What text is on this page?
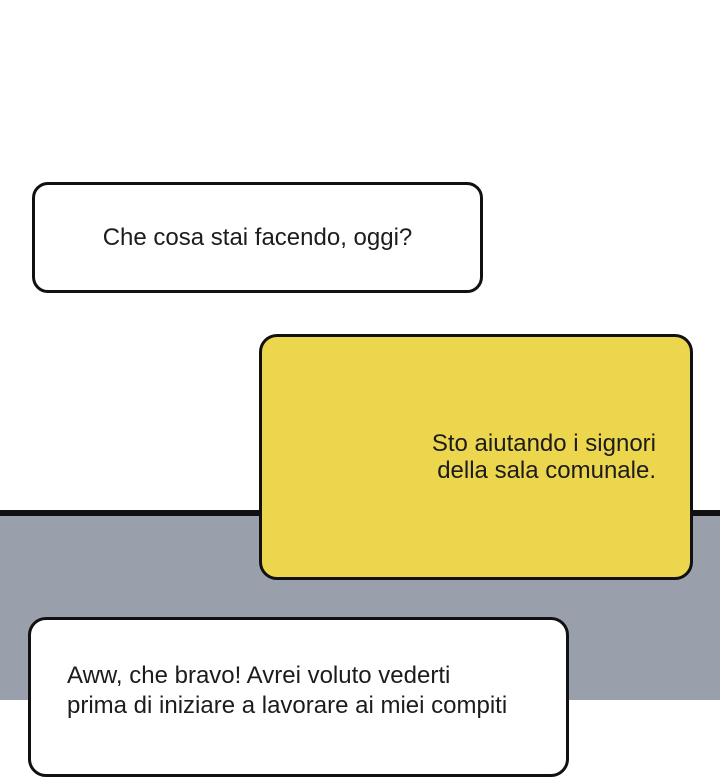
Che cosa stai facendo, oggi?
Sto aiutando i signori
della sala comunale.
Aww, che bravo! Avrei voluto vederti
prima di iniziare a lavorare ai miei compiti
